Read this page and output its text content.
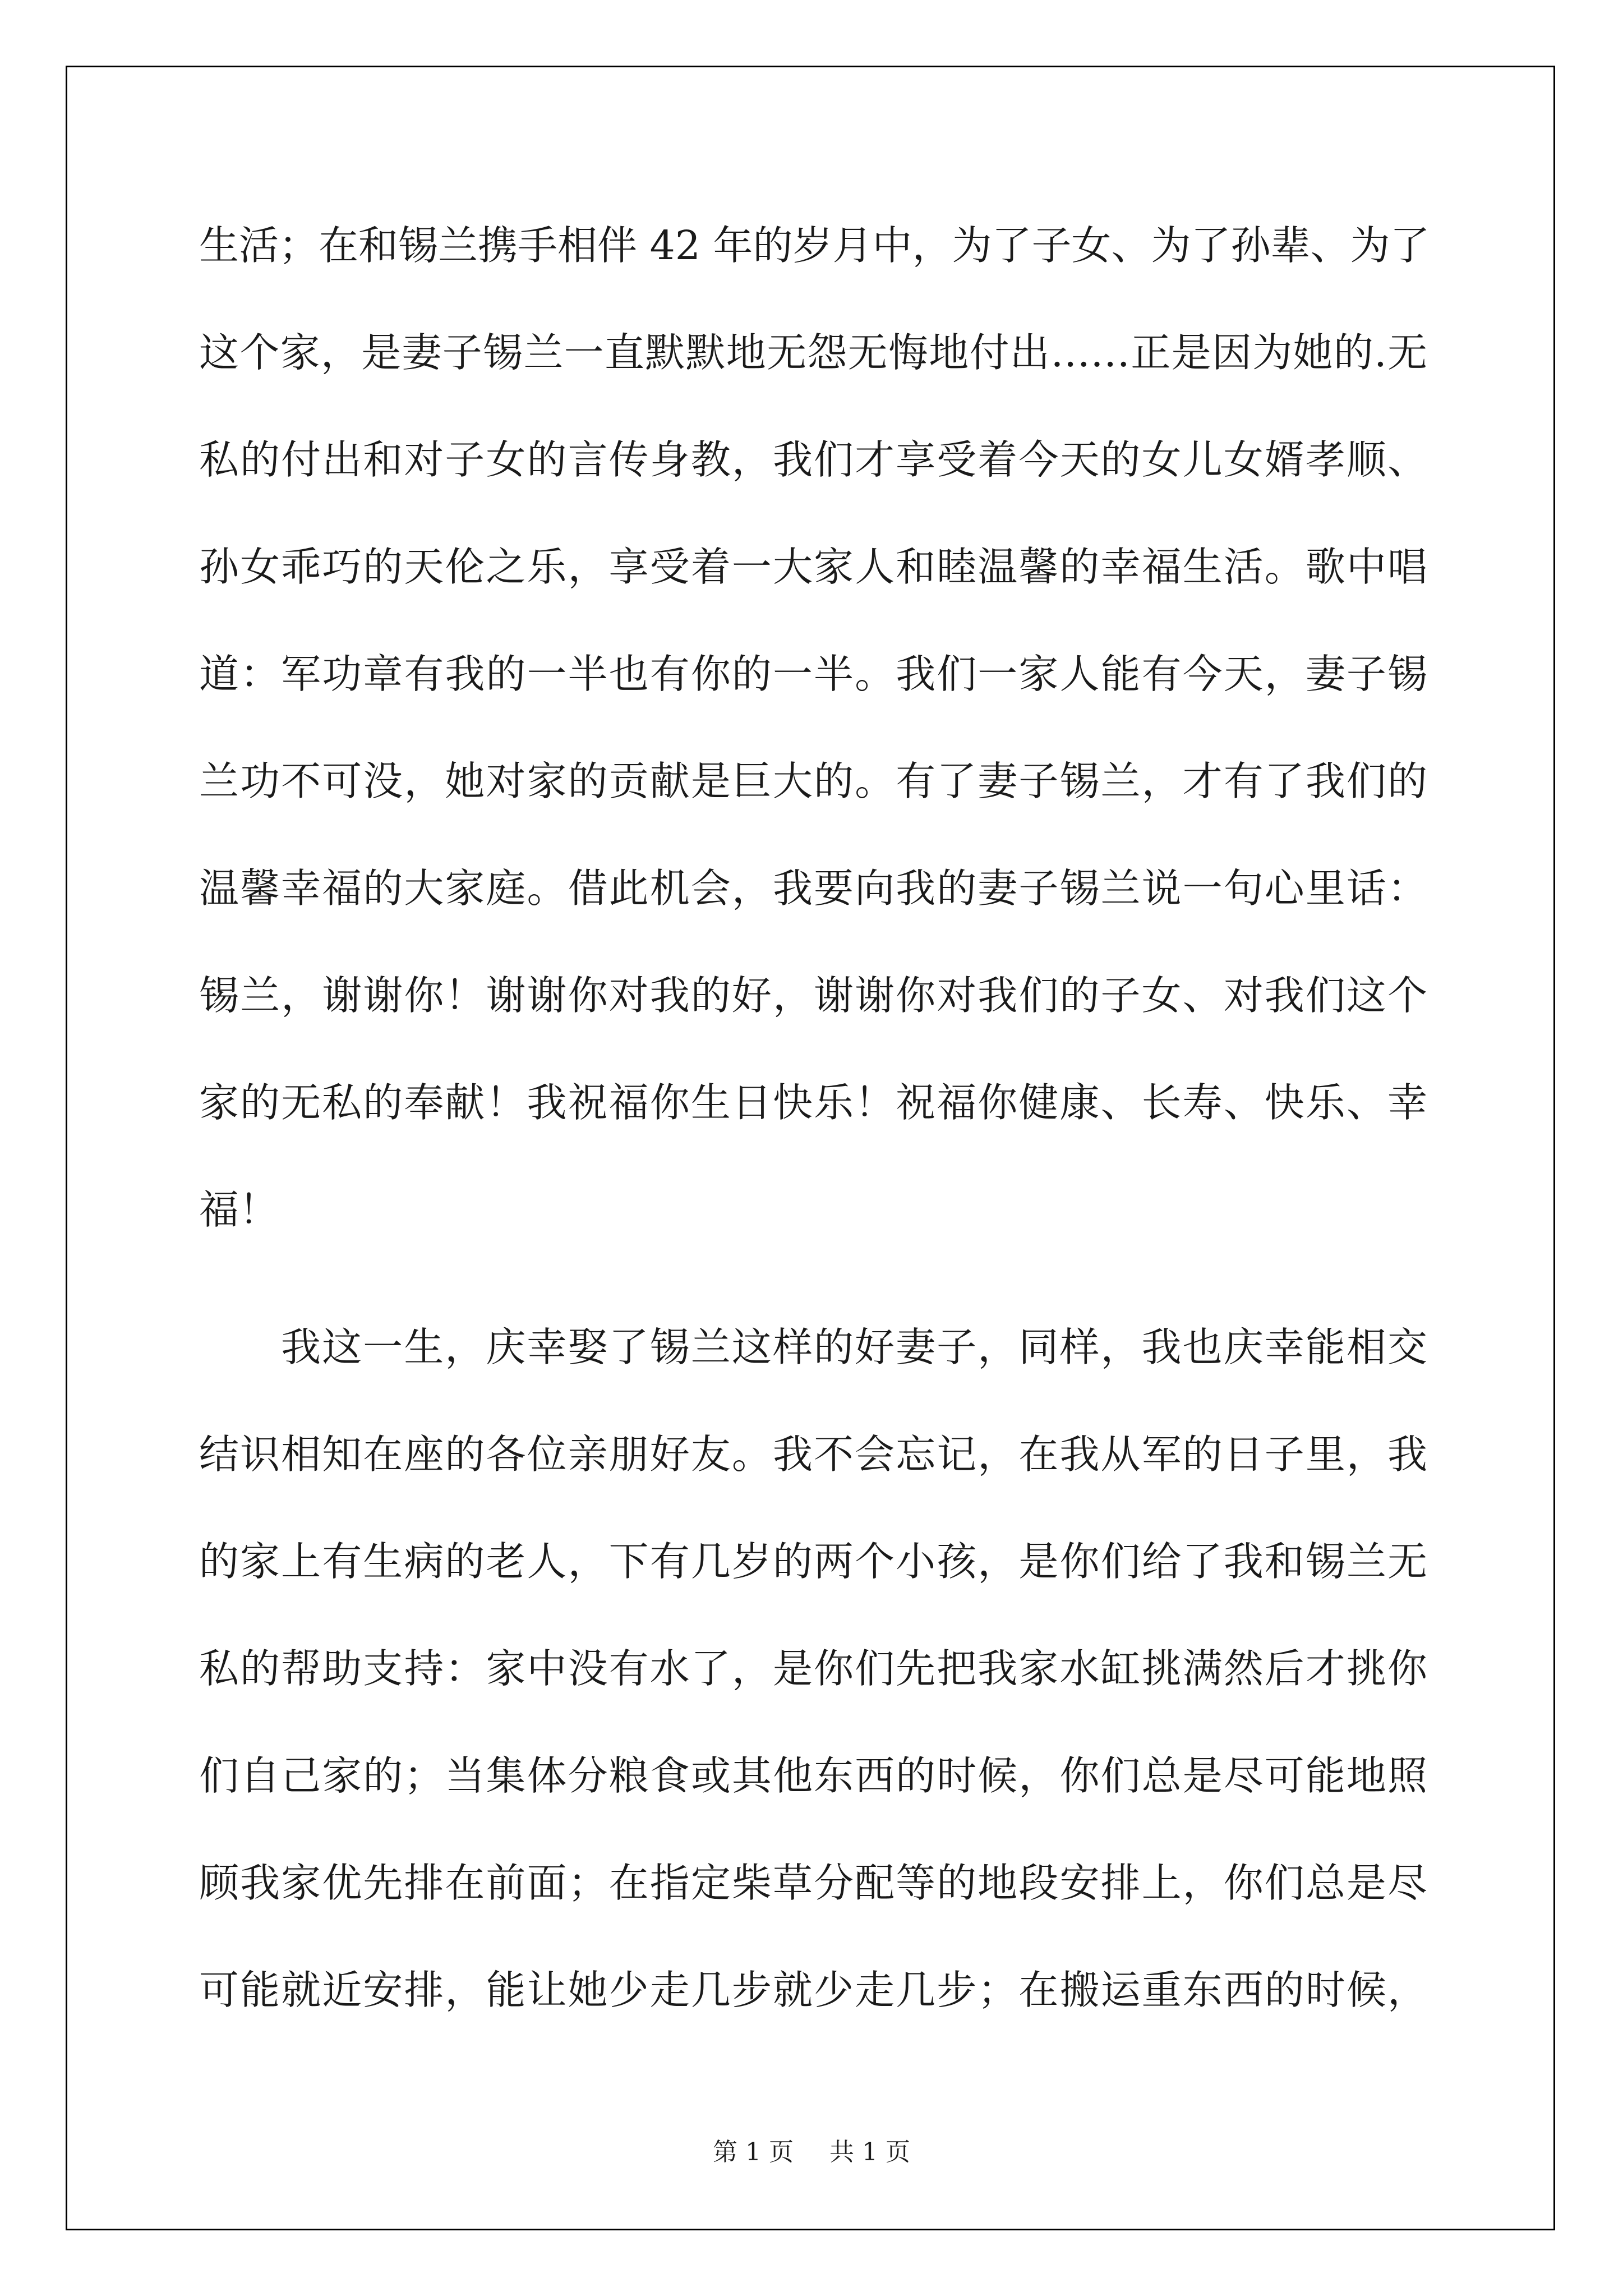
生活；在和锡兰携手相伴 42 年的岁月中，为了子女、为了孙辈、为了
这个家，是妻子锡兰一直默默地无怨无悔地付出……正是因为她的.无
私的付出和对子女的言传身教，我们才享受着今天的女儿女婿孝顺、
孙女乖巧的天伦之乐，享受着一大家人和睦温馨的幸福生活。歌中唱
道：军功章有我的一半也有你的一半。我们一家人能有今天，妻子锡
兰功不可没，她对家的贡献是巨大的。有了妻子锡兰，才有了我们的
温馨幸福的大家庭。借此机会，我要向我的妻子锡兰说一句心里话：
锡兰，谢谢你！谢谢你对我的好，谢谢你对我们的子女、对我们这个
家的无私的奉献！我祝福你生日快乐！祝福你健康、长寿、快乐、幸
福！
我这一生，庆幸娶了锡兰这样的好妻子，同样，我也庆幸能相交
结识相知在座的各位亲朋好友。我不会忘记，在我从军的日子里，我
的家上有生病的老人，下有几岁的两个小孩，是你们给了我和锡兰无
私的帮助支持：家中没有水了，是你们先把我家水缸挑满然后才挑你
们自己家的；当集体分粮食或其他东西的时候，你们总是尽可能地照
顾我家优先排在前面；在指定柴草分配等的地段安排上，你们总是尽
可能就近安排，能让她少走几步就少走几步；在搬运重东西的时候，
第 1 页 共 1 页
